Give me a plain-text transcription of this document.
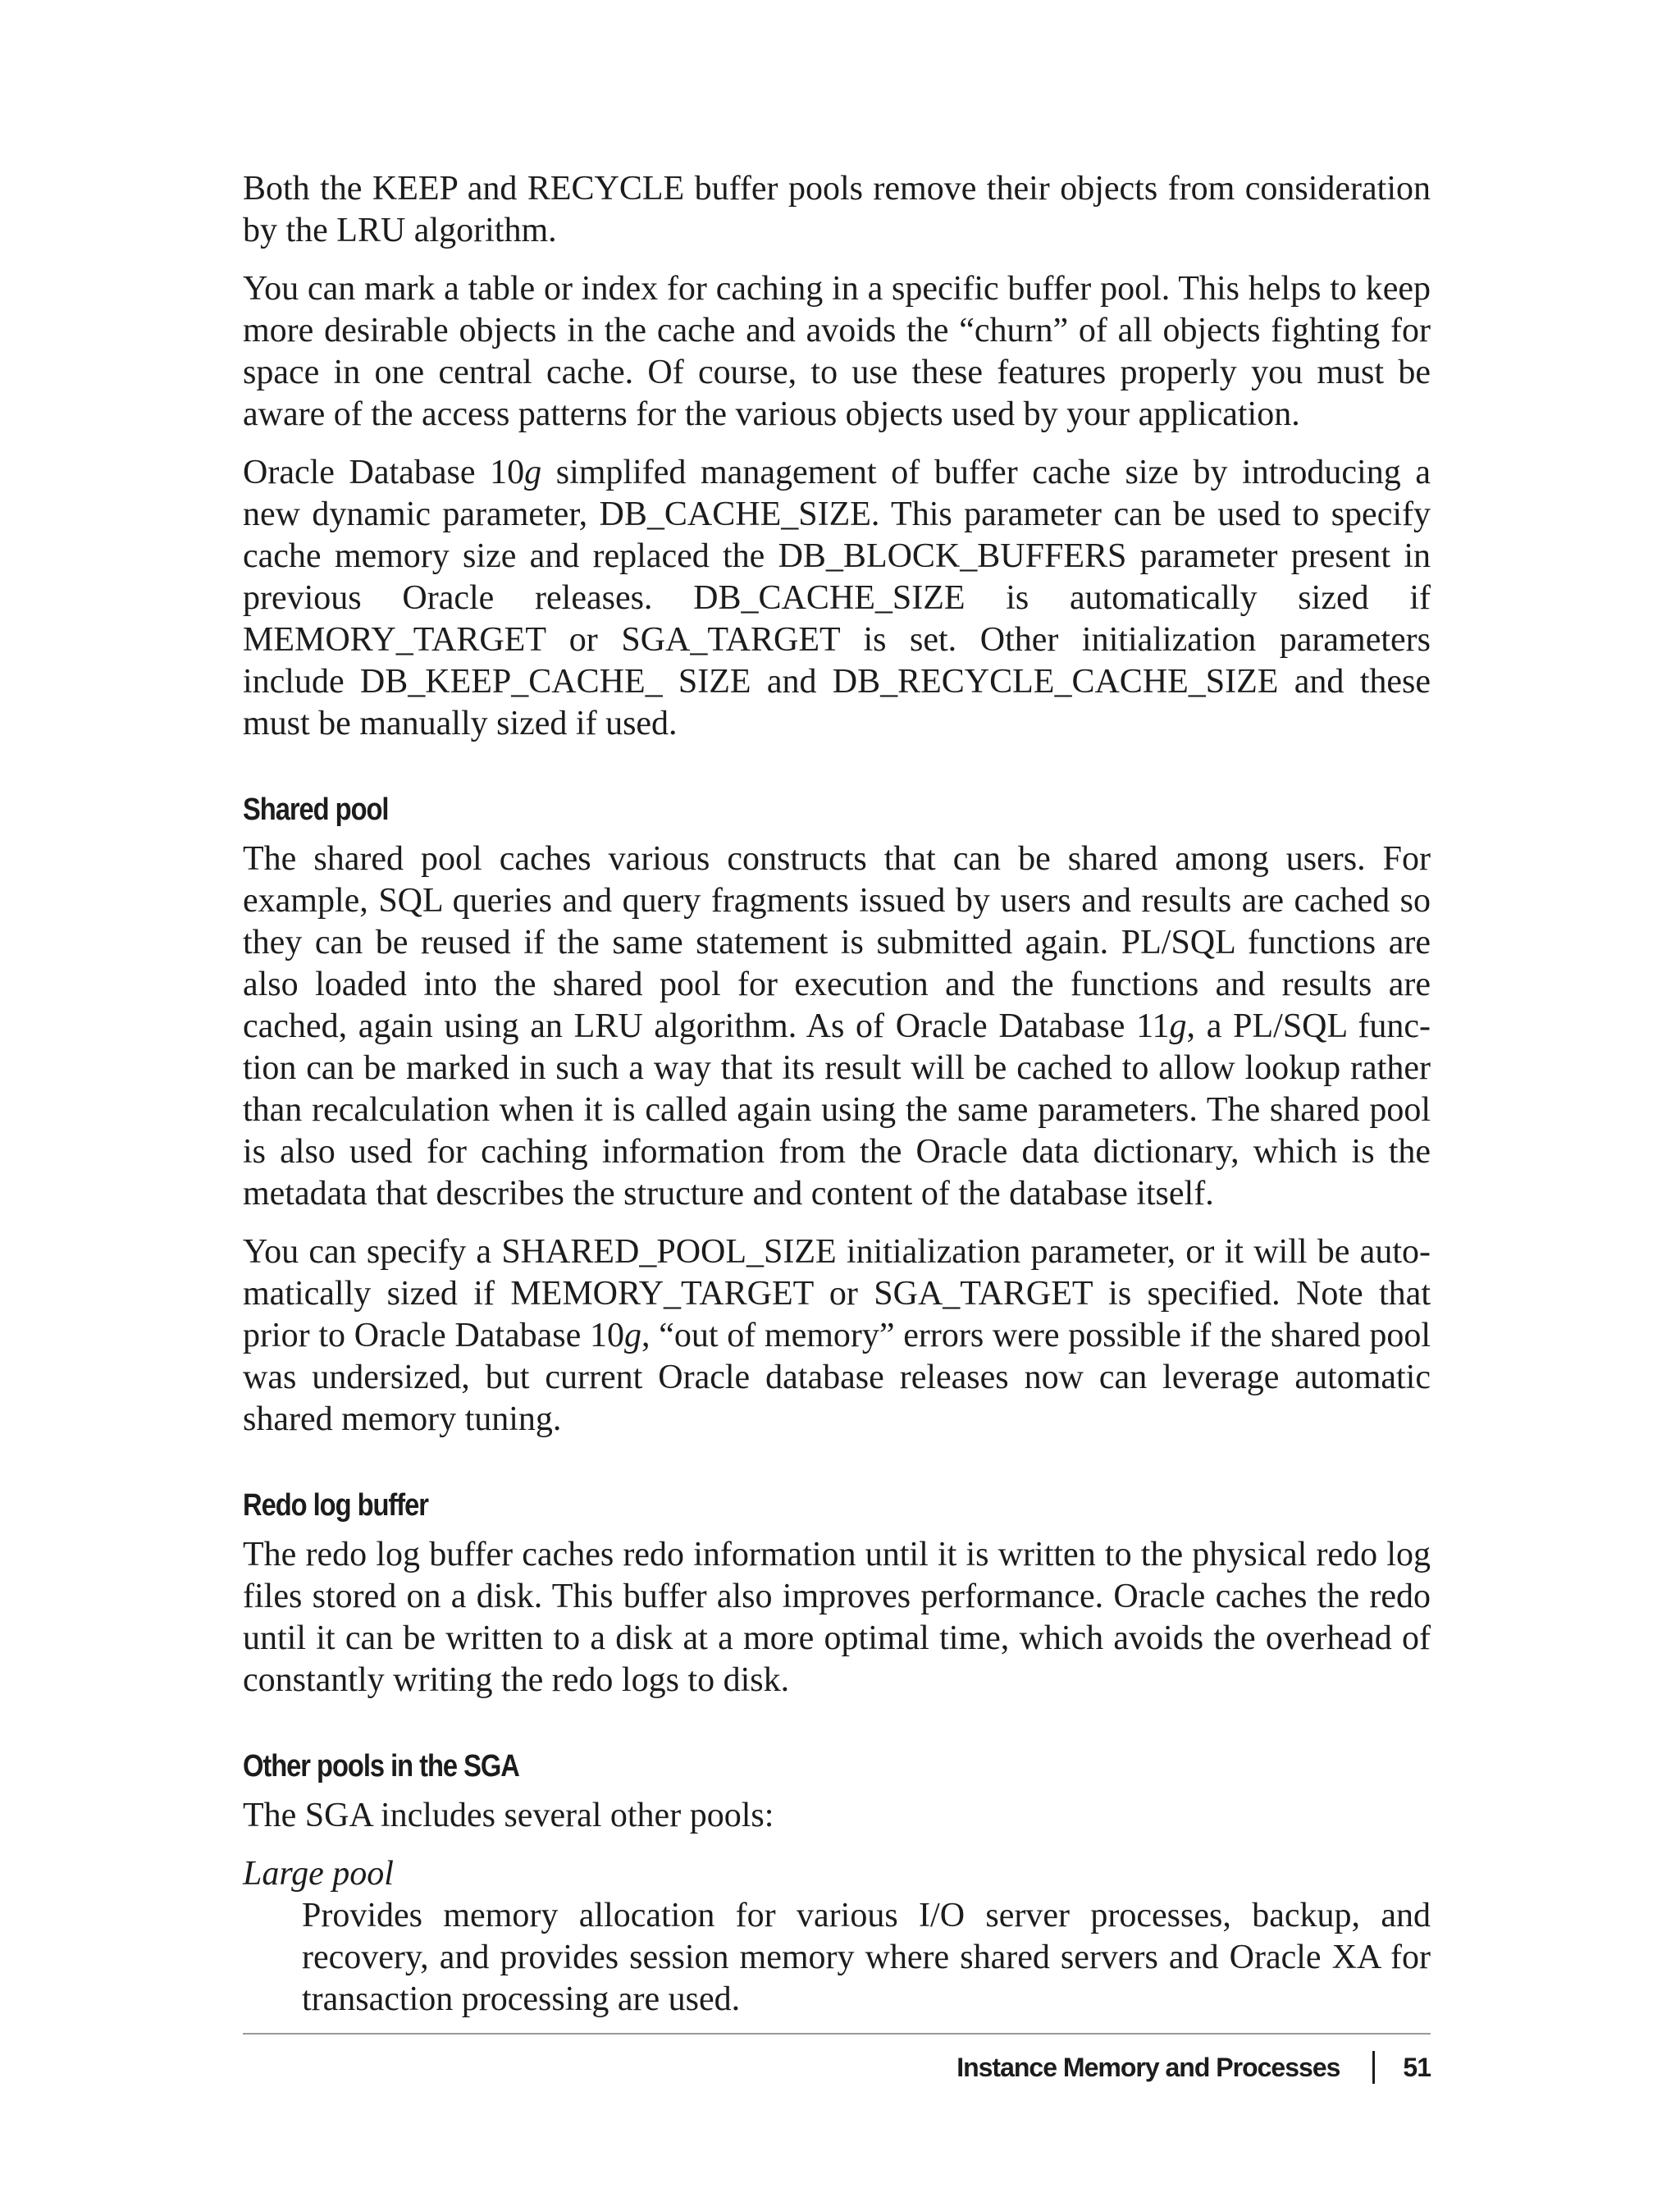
Both the KEEP and RECYCLE buffer pools remove their objects from consideration by the LRU algorithm.

You can mark a table or index for caching in a specific buffer pool. This helps to keep more desirable objects in the cache and avoids the “churn” of all objects fighting for space in one central cache. Of course, to use these features properly you must be aware of the access patterns for the various objects used by your application.

Oracle Database 10g simplifed management of buffer cache size by introducing a new dynamic parameter, DB_CACHE_SIZE. This parameter can be used to specify cache memory size and replaced the DB_BLOCK_BUFFERS parameter present in previous Oracle releases. DB_CACHE_SIZE is automatically sized if MEMORY_TARGET or SGA_TARGET is set. Other initialization parameters include DB_KEEP_CACHE_ SIZE and DB_RECYCLE_CACHE_SIZE and these must be manually sized if used.

Shared pool

The shared pool caches various constructs that can be shared among users. For example, SQL queries and query fragments issued by users and results are cached so they can be reused if the same statement is submitted again. PL/SQL functions are also loaded into the shared pool for execution and the functions and results are cached, again using an LRU algorithm. As of Oracle Database 11g, a PL/SQL function can be marked in such a way that its result will be cached to allow lookup rather than recalculation when it is called again using the same parameters. The shared pool is also used for caching information from the Oracle data dictionary, which is the metadata that describes the structure and content of the database itself.

You can specify a SHARED_POOL_SIZE initialization parameter, or it will be automatically sized if MEMORY_TARGET or SGA_TARGET is specified. Note that prior to Oracle Database 10g, “out of memory” errors were possible if the shared pool was undersized, but current Oracle database releases now can leverage automatic shared memory tuning.

Redo log buffer

The redo log buffer caches redo information until it is written to the physical redo log files stored on a disk. This buffer also improves performance. Oracle caches the redo until it can be written to a disk at a more optimal time, which avoids the overhead of constantly writing the redo logs to disk.

Other pools in the SGA

The SGA includes several other pools:

Large pool
Provides memory allocation for various I/O server processes, backup, and recovery, and provides session memory where shared servers and Oracle XA for transaction processing are used.
Instance Memory and Processes 51
